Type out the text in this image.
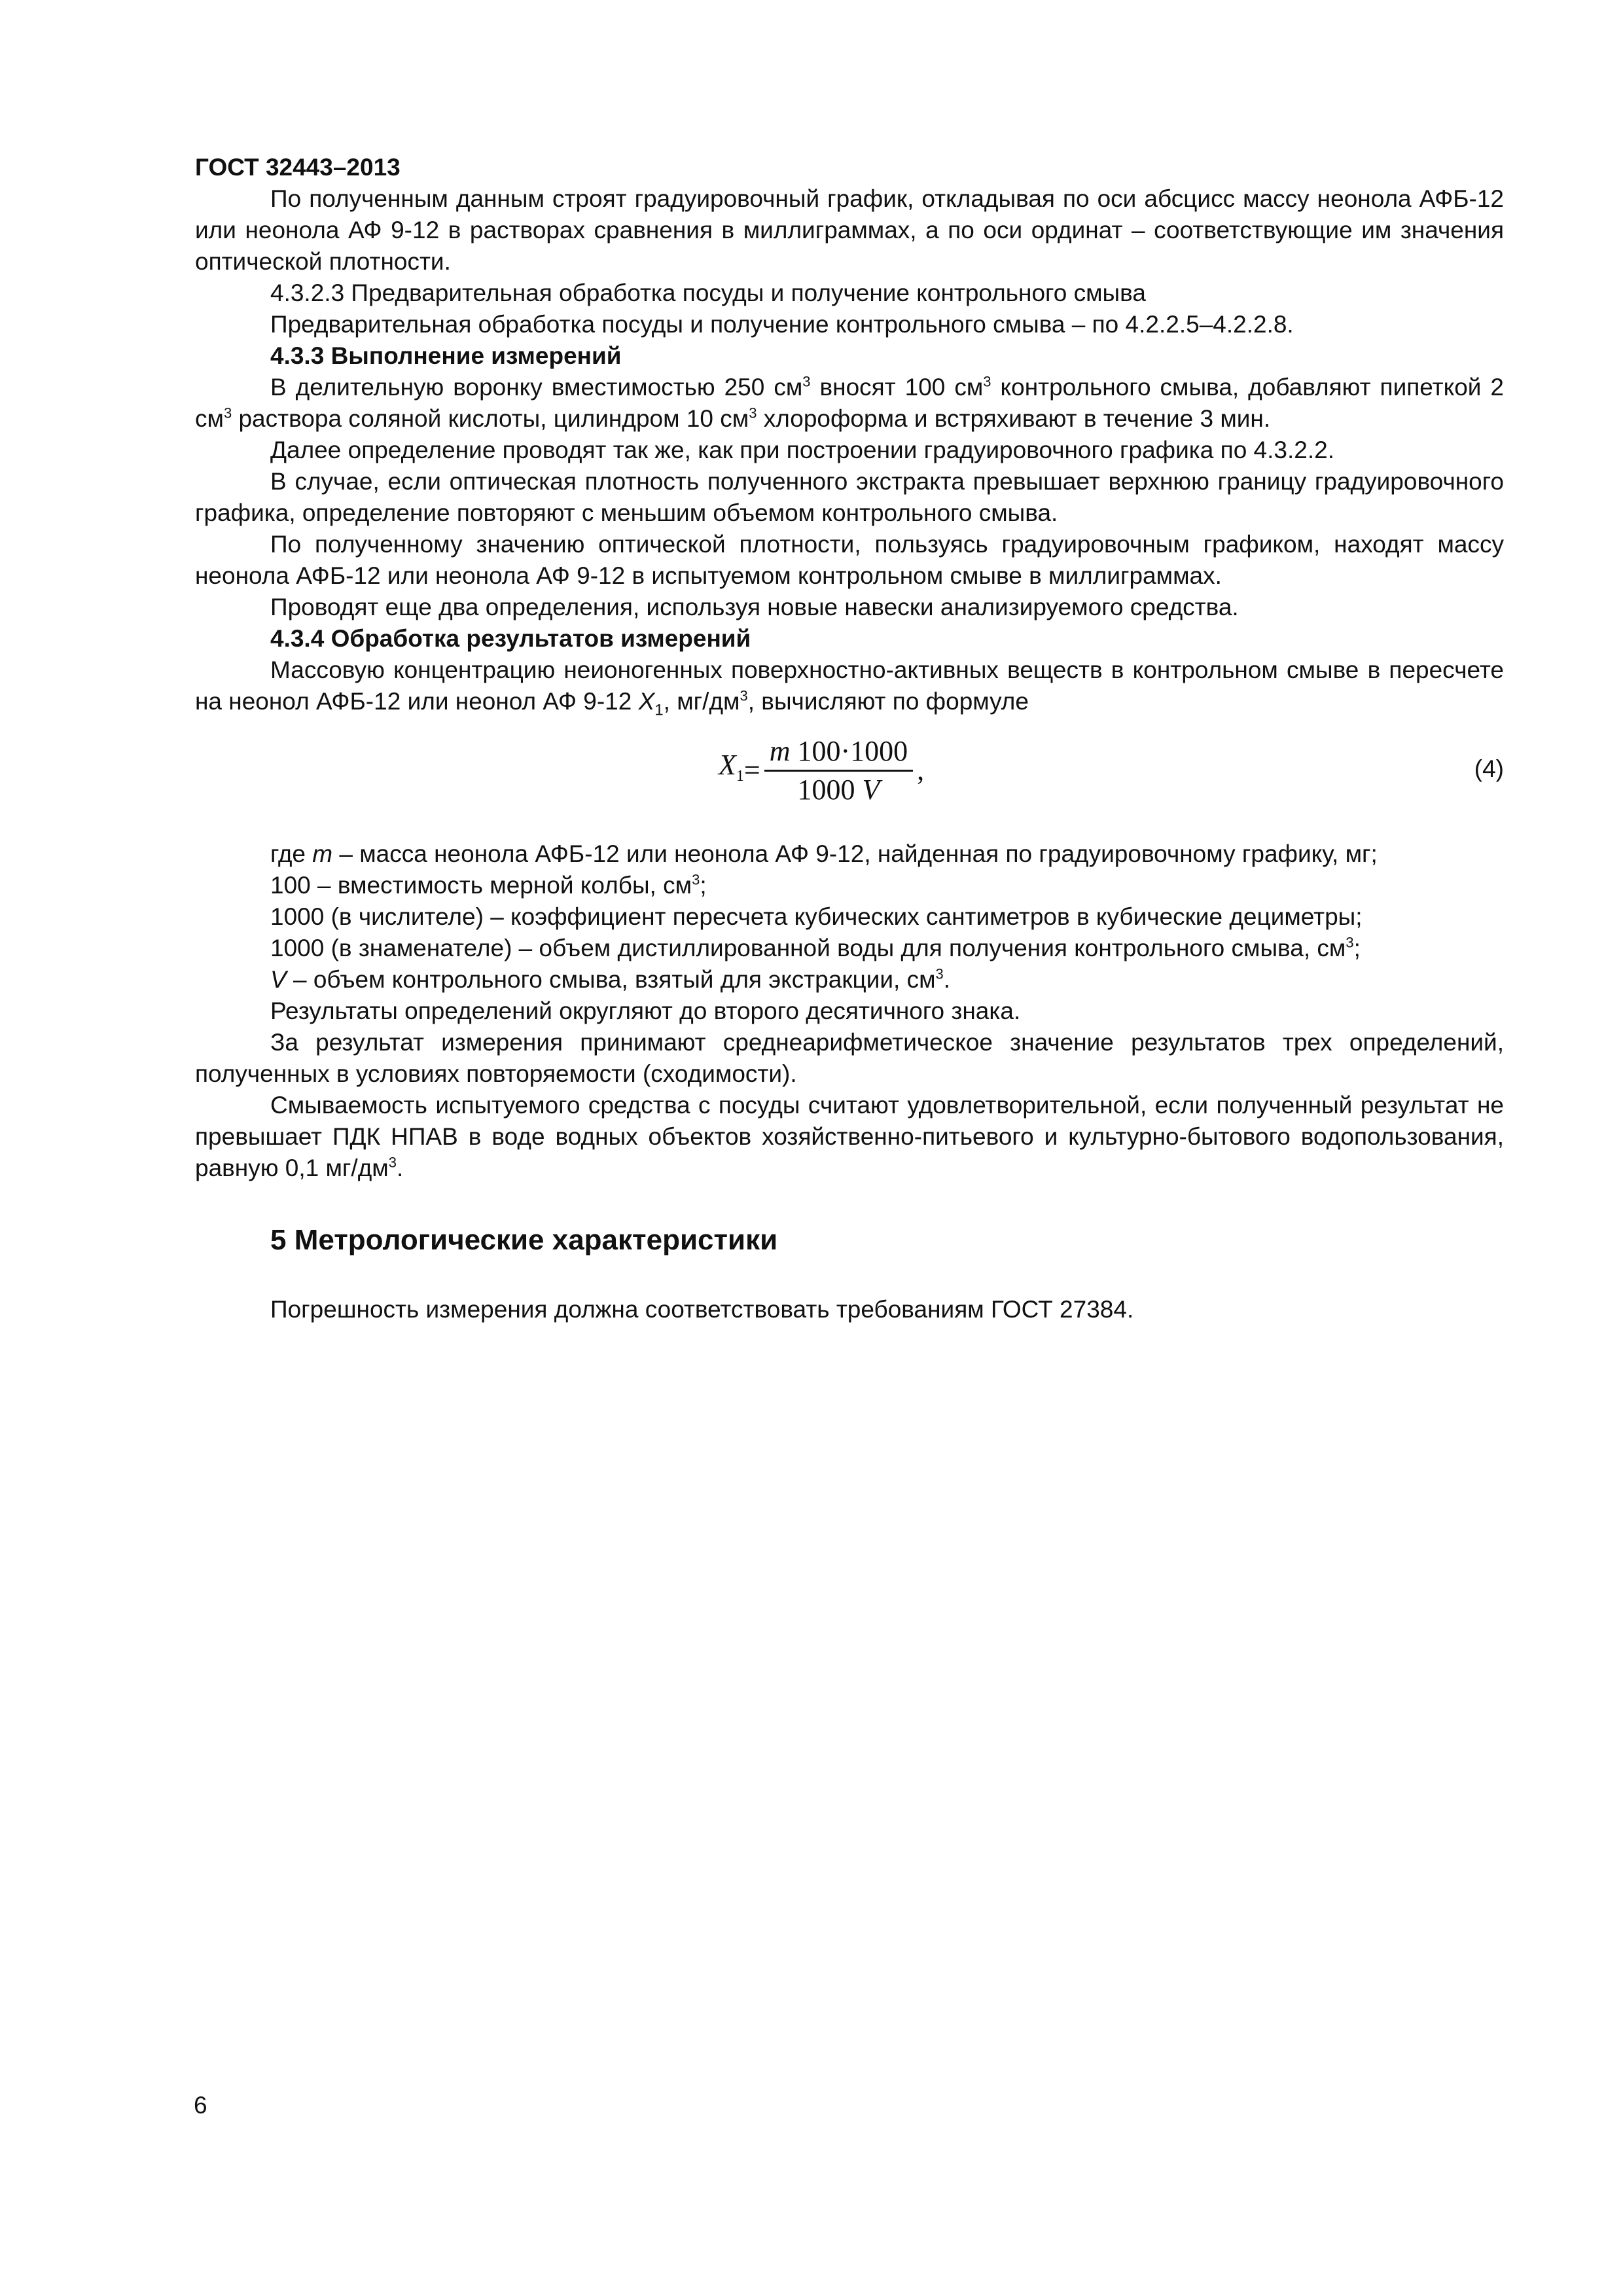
ГОСТ 32443–2013

По полученным данным строят градуировочный график, откладывая по оси абсцисс массу неонола АФБ-12 или неонола АФ 9-12 в растворах сравнения в миллиграммах, а по оси ординат – соответствующие им значения оптической плотности.

4.3.2.3 Предварительная обработка посуды и получение контрольного смыва

Предварительная обработка посуды и получение контрольного смыва – по 4.2.2.5–4.2.2.8.

4.3.3 Выполнение измерений

В делительную воронку вместимостью 250 $см^3$ вносят 100 $см^3$ контрольного смыва, добавляют пипеткой 2 $см^3$ раствора соляной кислоты, цилиндром 10 $см^3$ хлороформа и встряхивают в течение 3 мин.

Далее определение проводят так же, как при построении градуировочного графика по 4.3.2.2.

В случае, если оптическая плотность полученного экстракта превышает верхнюю границу градуировочного графика, определение повторяют с меньшим объемом контрольного смыва.

По полученному значению оптической плотности, пользуясь градуировочным графиком, находят массу неонола АФБ-12 или неонола АФ 9-12 в испытуемом контрольном смыве в миллиграммах.

Проводят еще два определения, используя новые навески анализируемого средства.

4.3.4 Обработка результатов измерений

Массовую концентрацию неионогенных поверхностно-активных веществ в контрольном смыве в пересчете на неонол АФБ-12 или неонол АФ 9-12 $X_1$, $мг/дм^3$, вычисляют по формуле

$X_1 = \frac{m 100\cdot 1000}{1000 V}$ ,	(4)

где m – масса неонола АФБ-12 или неонола АФ 9-12, найденная по градуировочному графику, мг;

100 – вместимость мерной колбы, $см^3$;

1000 (в числителе) – коэффициент пересчета кубических сантиметров в кубические дециметры;

1000 (в знаменателе) – объем дистиллированной воды для получения контрольного смыва, $см^3$;

V – объем контрольного смыва, взятый для экстракции, $см^3$.

Результаты определений округляют до второго десятичного знака.

За результат измерения принимают среднеарифметическое значение результатов трех определений, полученных в условиях повторяемости (сходимости).

Смываемость испытуемого средства с посуды считают удовлетворительной, если полученный результат не превышает ПДК НПАВ в воде водных объектов хозяйственно-питьевого и культурно-бытового водопользования, равную 0,1 $мг/дм^3$.

5 Метрологические характеристики

Погрешность измерения должна соответствовать требованиям ГОСТ 27384.

6
